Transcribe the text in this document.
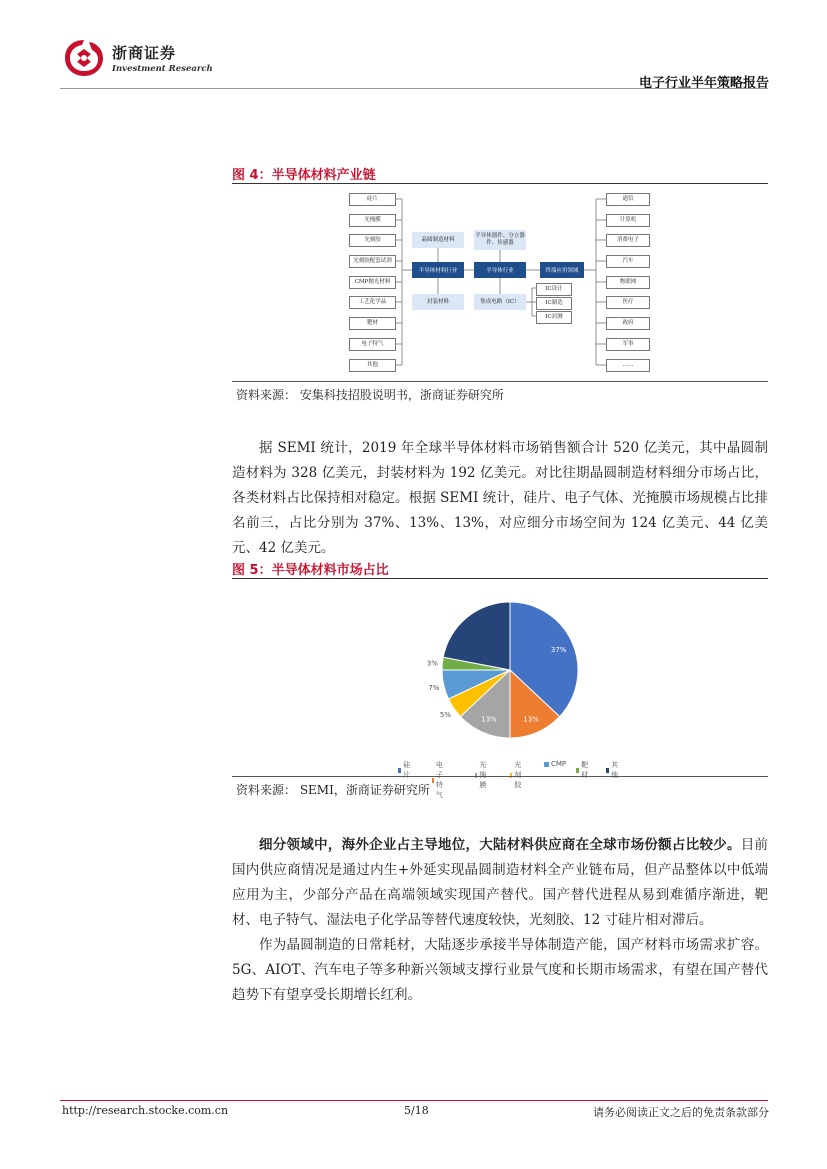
浙商证券
Investment Research
电子行业半年策略报告
图 4：半导体材料产业链
硅片
光掩膜
光刻胶
光刻胶配套试剂
CMP抛光材料
工艺化学品
靶材
电子特气
其他
晶圆制造材料
半导体材料行业
封装材料
半导体器件、分立器件、传感器
半导体行业
集成电路（IC）
终端应用领域
IC设计
IC制造
IC封测
通信
计算机
消费电子
汽车
物联网
医疗
政府
军事
……
资料来源： 安集科技招股说明书，浙商证券研究所

据 SEMI 统计，2019 年全球半导体材料市场销售额合计 520 亿美元，其中晶圆制造材料为 328 亿美元，封装材料为 192 亿美元。对比往期晶圆制造材料细分市场占比，各类材料占比保持相对稳定。根据 SEMI 统计，硅片、电子气体、光掩膜市场规模占比排名前三，占比分别为 37%、13%、13%，对应细分市场空间为 124 亿美元、44 亿美元、42 亿美元。

图 5：半导体材料市场占比
37%
13%
13%
5%
7%
3%
硅片
电子特气
光掩膜
光刻胶
CMP 靶材
其他
资料来源： SEMI，浙商证券研究所

细分领域中，海外企业占主导地位，大陆材料供应商在全球市场份额占比较少。目前国内供应商情况是通过内生+外延实现晶圆制造材料全产业链布局，但产品整体以中低端应用为主，少部分产品在高端领域实现国产替代。国产替代进程从易到难循序渐进，靶材、电子特气、湿法电子化学品等替代速度较快，光刻胶、12 寸硅片相对滞后。

作为晶圆制造的日常耗材，大陆逐步承接半导体制造产能，国产材料市场需求扩容。5G、AIOT、汽车电子等多种新兴领域支撑行业景气度和长期市场需求，有望在国产替代趋势下有望享受长期增长红利。

http://research.stocke.com.cn	5/18	请务必阅读正文之后的免责条款部分
